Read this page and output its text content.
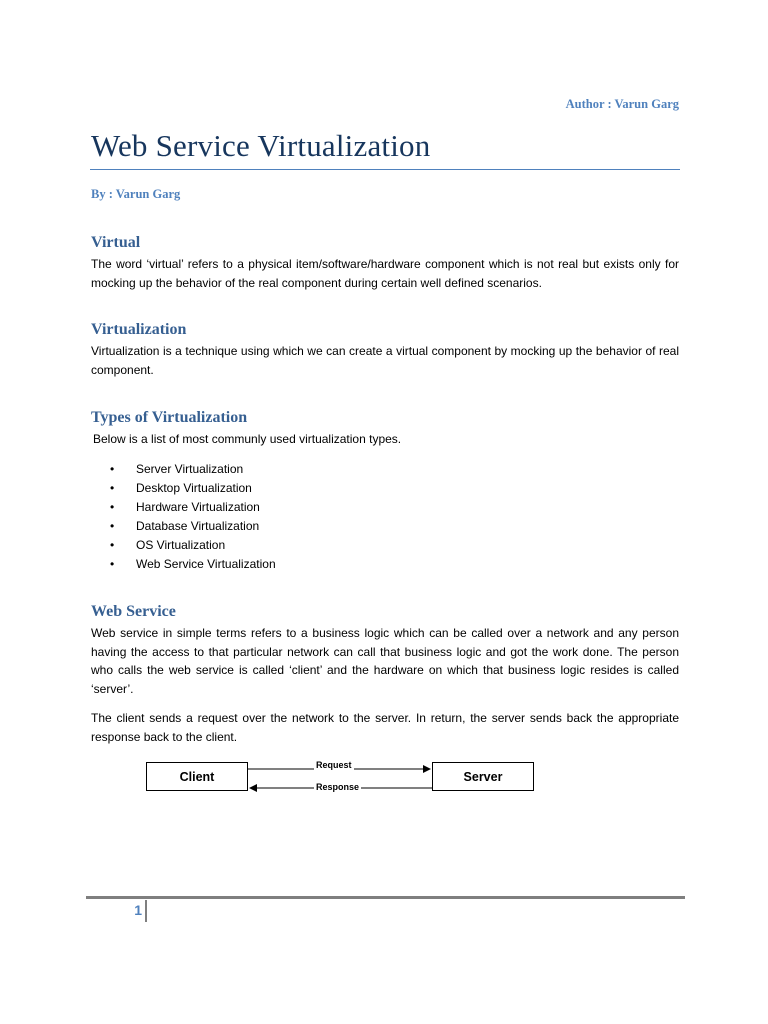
Author : Varun Garg
Web Service Virtualization
By : Varun Garg
Virtual

The word ‘virtual’ refers to a physical item/software/hardware component which is not real but exists only for mocking up the behavior of the real component during certain well defined scenarios.

Virtualization

Virtualization is a technique using which we can create a virtual component by mocking up the behavior of real component.

Types of Virtualization

Below is a list of most communly used virtualization types.

•	Server Virtualization
•	Desktop Virtualization
•	Hardware Virtualization
•	Database Virtualization
•	OS Virtualization
•	Web Service Virtualization
Web Service

Web service in simple terms refers to a business logic which can be called over a network and any person having the access to that particular network can call that business logic and got the work done. The person who calls the web service is called ‘client’ and the hardware on which that business logic resides is called ‘server’.

The client sends a request over the network to the server. In return, the server sends back the appropriate response back to the client.

Client	Server
Request
Response
1
